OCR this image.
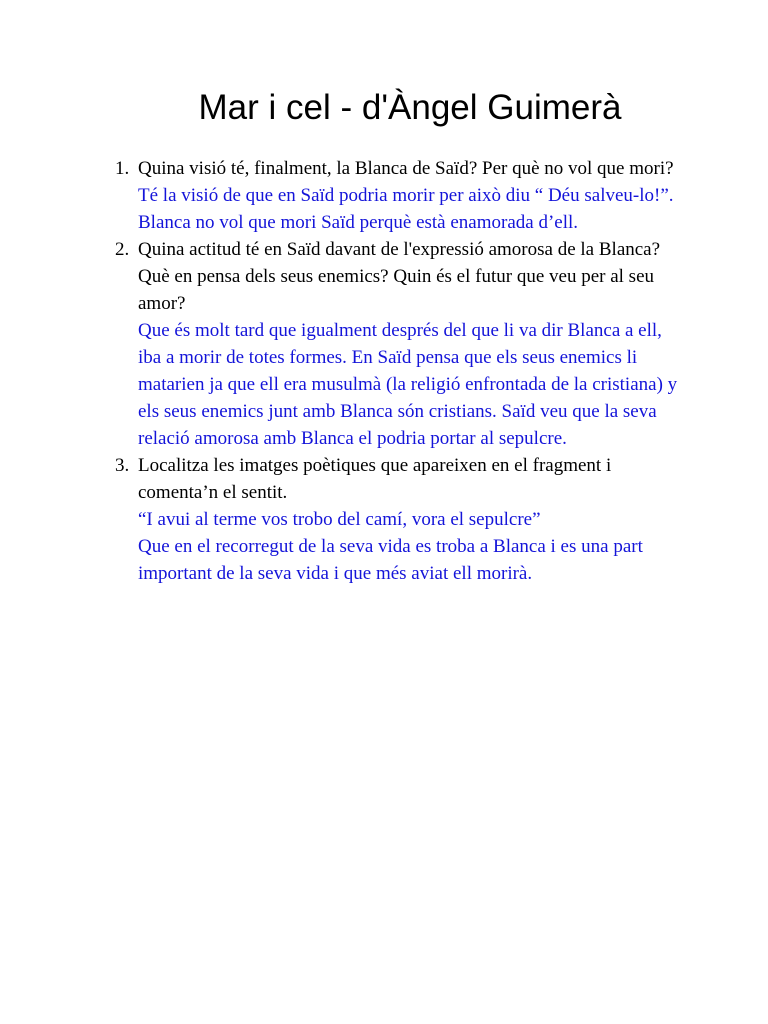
Mar i cel - d'Àngel Guimerà
1. Quina visió té, finalment, la Blanca de Saïd? Per què no vol que mori?
Té la visió de que en Saïd podria morir per això diu “ Déu salveu-lo!”. Blanca no vol que mori Saïd perquè està enamorada d’ell.
2. Quina actitud té en Saïd davant de l'expressió amorosa de la Blanca?Què en pensa dels seus enemics? Quin és el futur que veu per al seu amor?
Que és molt tard que igualment després del que li va dir Blanca a ell, iba a morir de totes formes. En Saïd pensa que els seus enemics li matarien ja que ell era musulmà (la religió enfrontada de la cristiana) y els seus enemics junt amb Blanca són cristians. Saïd veu que la seva relació amorosa amb Blanca el podria portar al sepulcre.
3. Localitza les imatges poètiques que apareixen en el fragment i comenta’n el sentit.
“I avui al terme vos trobo del camí, vora el sepulcre”
Que en el recorregut de la seva vida es troba a Blanca i es una part important de la seva vida i que més aviat ell morirà.
